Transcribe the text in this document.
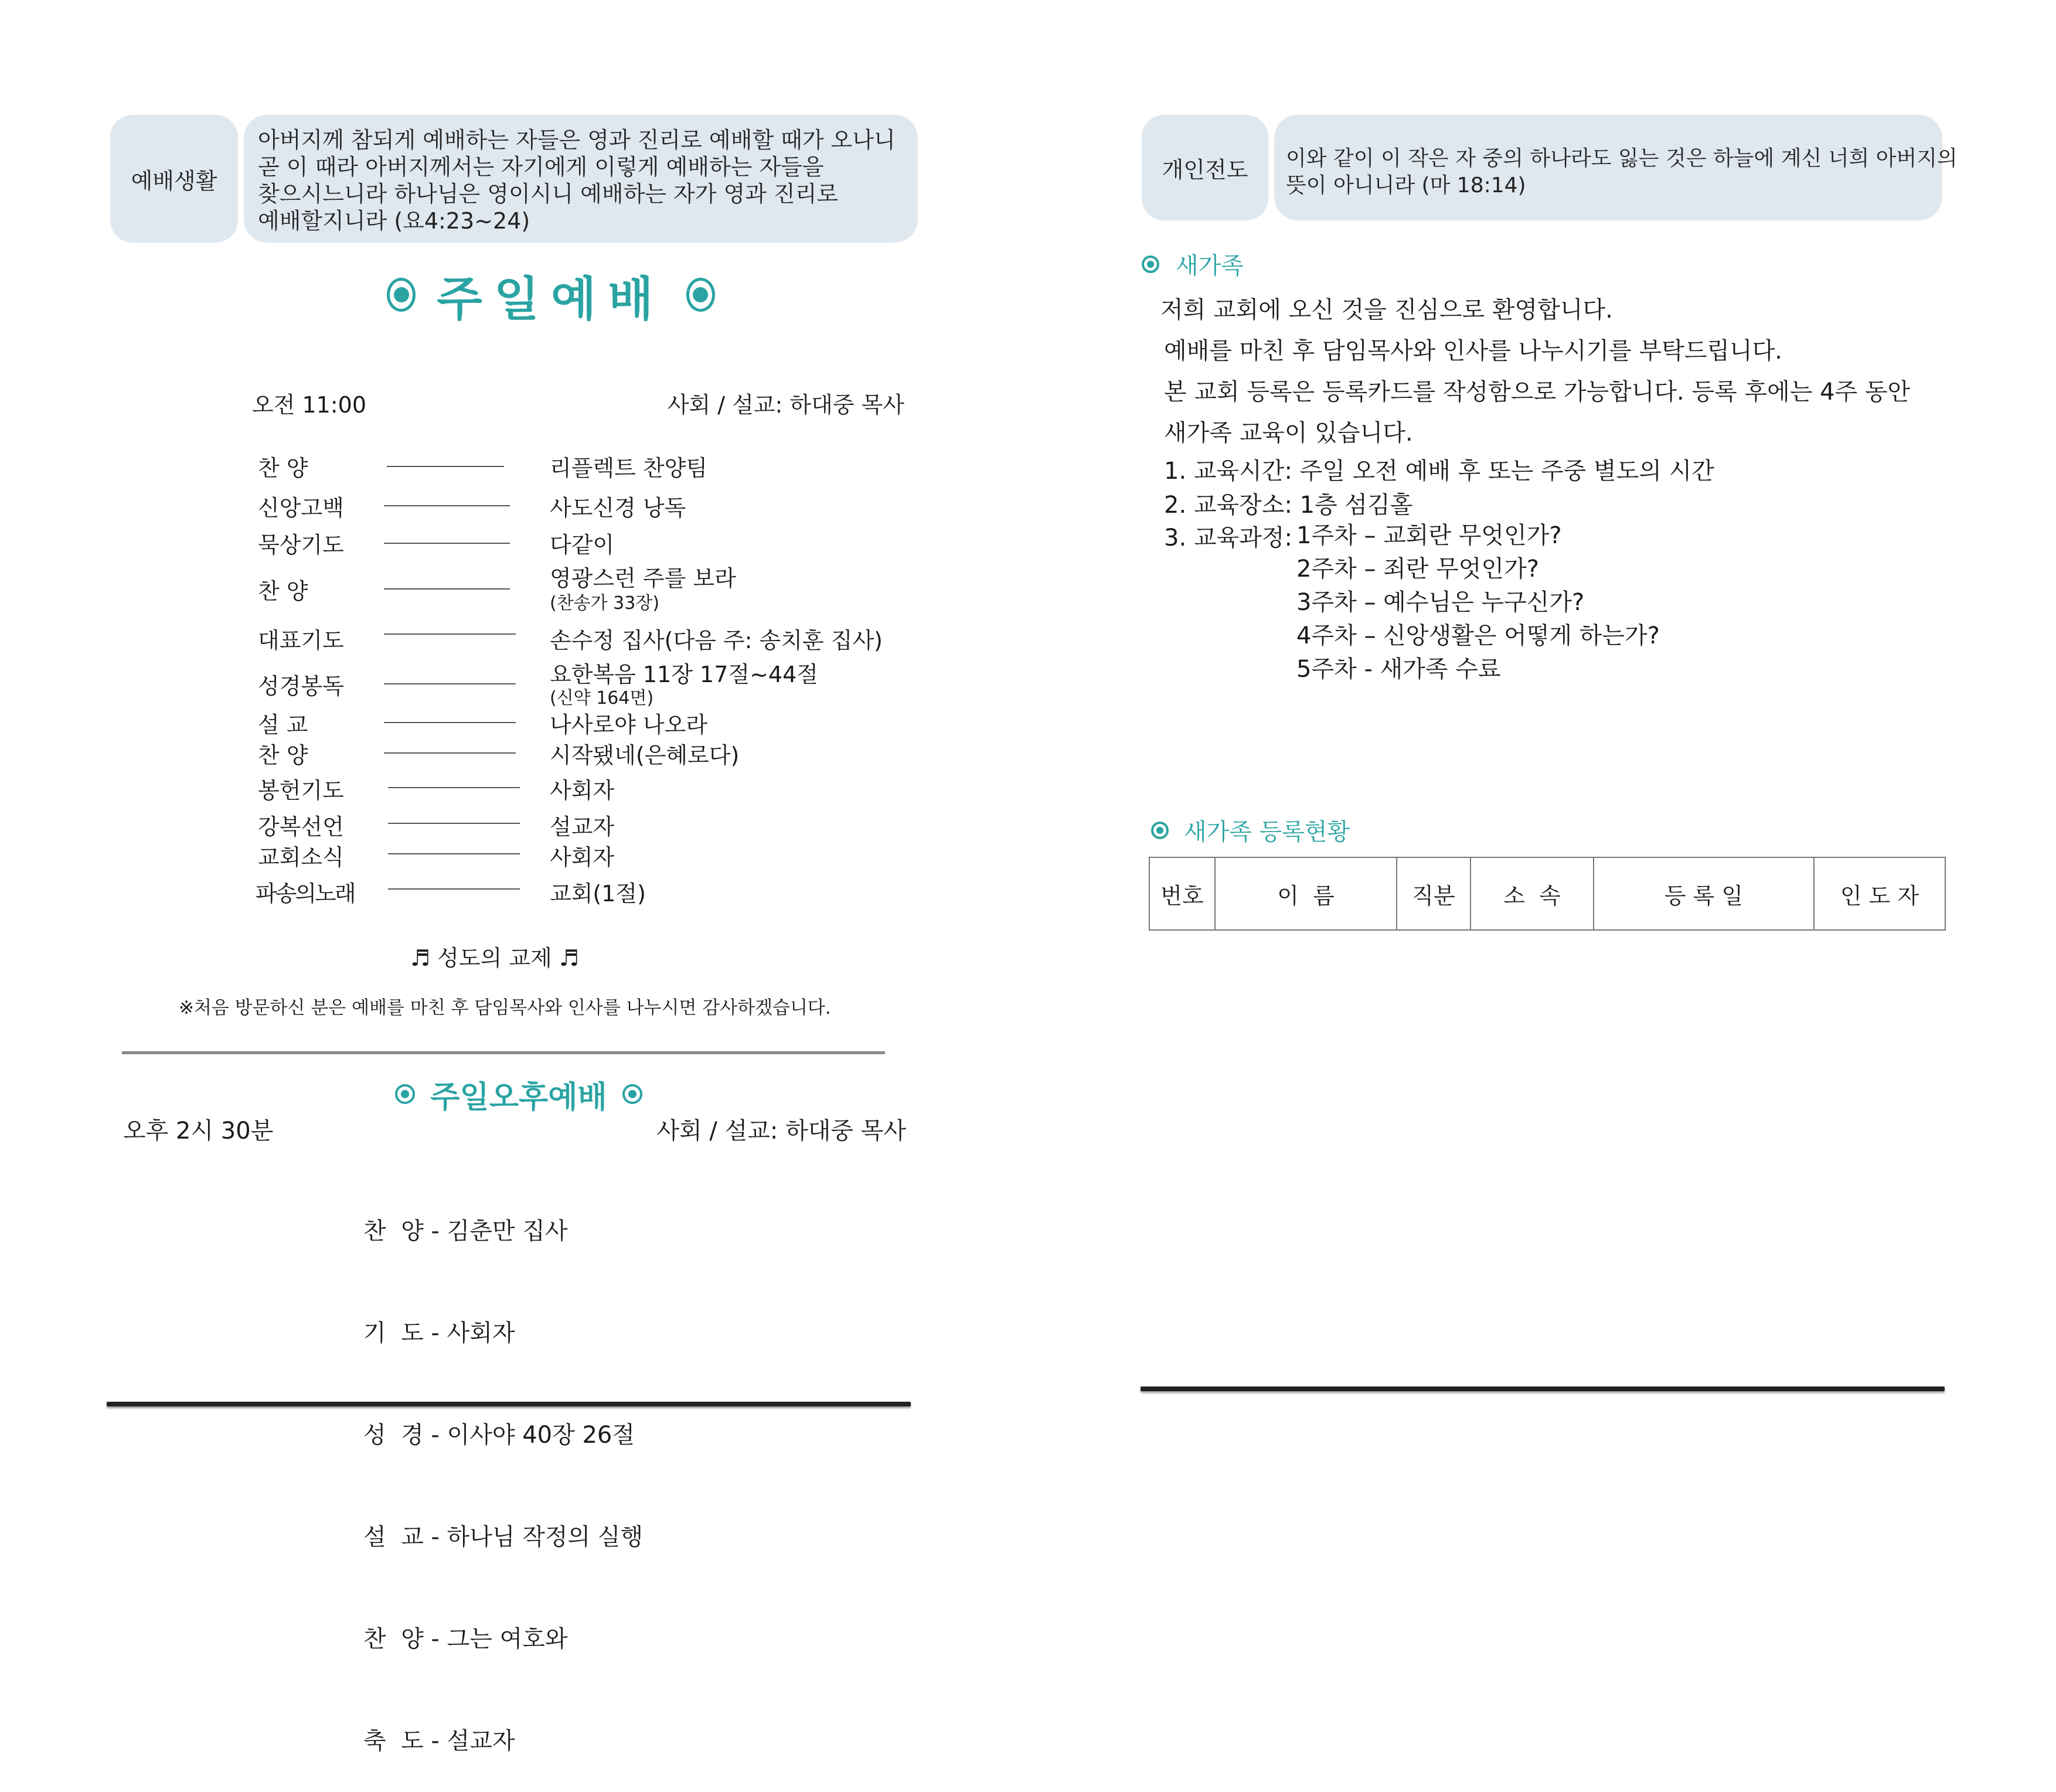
예배생활
아버지께 참되게 예배하는 자들은 영과 진리로 예배할 때가 오나니
곧 이 때라 아버지께서는 자기에게 이렇게 예배하는 자들을
찾으시느니라 하나님은 영이시니 예배하는 자가 영과 진리로
예배할지니라 (요4:23~24)
주일예배
오전 11:00	사회 / 설교: 하대중 목사
찬 양	리플렉트 찬양팀
신앙고백	사도신경 낭독
묵상기도	다같이
찬 양	영광스런 주를 보라
(찬송가 33장)
대표기도	손수정 집사(다음 주: 송치훈 집사)
성경봉독	요한복음 11장 17절~44절
(신약 164면)
설 교	나사로야 나오라
찬 양	시작됐네(은혜로다)
봉헌기도	사회자
강복선언	설교자
교회소식	사회자
파송의노래	교회(1절)
♬ 성도의 교제 ♬
※처음 방문하신 분은 예배를 마친 후 담임목사와 인사를 나누시면 감사하겠습니다.
주일오후예배
오후 2시 30분	사회 / 설교: 하대중 목사

찬  양 - 김춘만 집사

기  도 - 사회자

성  경 - 이사야 40장 26절

설  교 - 하나님 작정의 실행

찬  양 - 그는 여호와

축  도 - 설교자

개인전도 이와 같이 이 작은 자 중의 하나라도 잃는 것은 하늘에 계신 너희 아버지의
뜻이 아니니라 (마 18:14)
새가족
저희 교회에 오신 것을 진심으로 환영합니다.
예배를 마친 후 담임목사와 인사를 나누시기를 부탁드립니다.
본 교회 등록은 등록카드를 작성함으로 가능합니다. 등록 후에는 4주 동안
새가족 교육이 있습니다.
1. 교육시간: 주일 오전 예배 후 또는 주중 별도의 시간
2. 교육장소: 1층 섬김홀
3. 교육과정: 1주차 – 교회란 무엇인가?
2주차 – 죄란 무엇인가?
3주차 – 예수님은 누구신가?
4주차 – 신앙생활은 어떻게 하는가?
5주차 - 새가족 수료
새가족 등록현황
번호	이  름	직분	소  속	등 록 일	인 도 자
